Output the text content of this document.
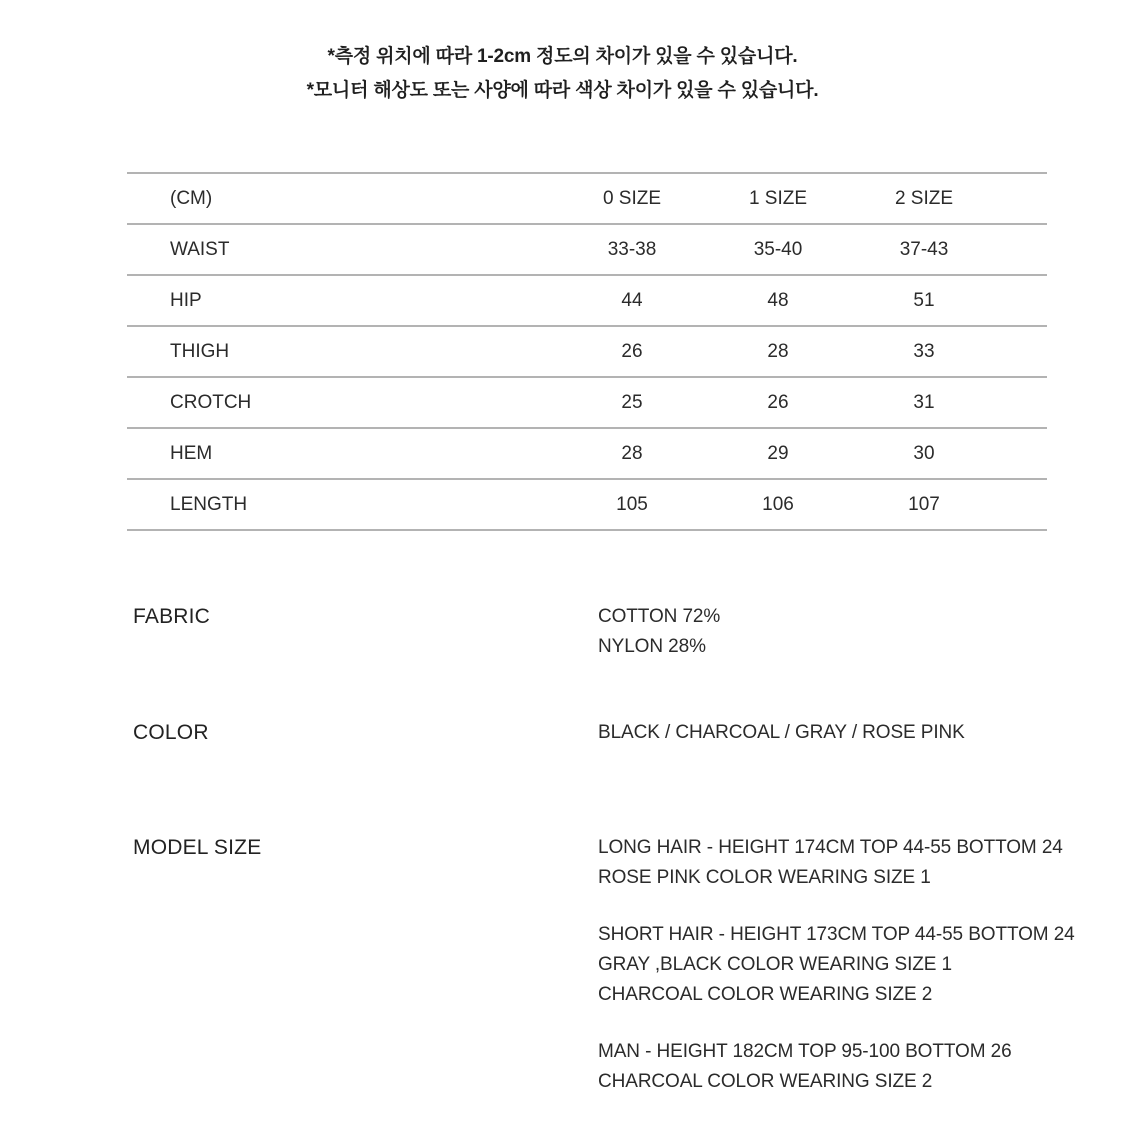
*측정 위치에 따라 1-2cm 정도의 차이가 있을 수 있습니다.
*모니터 해상도 또는 사양에 따라 색상 차이가 있을 수 있습니다.
(CM)	0 SIZE	1 SIZE	2 SIZE	
WAIST	33-38	35-40	37-43	
HIP	44	48	51	
THIGH	26	28	33	
CROTCH	25	26	31	
HEM	28	29	30	
LENGTH	105	106	107	
FABRIC	COTTON 72%
NYLON 28%
COLOR	BLACK / CHARCOAL / GRAY / ROSE PINK
MODEL SIZE	LONG HAIR - HEIGHT 174CM TOP 44-55 BOTTOM 24
ROSE PINK COLOR WEARING SIZE 1
SHORT HAIR - HEIGHT 173CM TOP 44-55 BOTTOM 24
GRAY ,BLACK COLOR WEARING SIZE 1
CHARCOAL COLOR WEARING SIZE 2
MAN - HEIGHT 182CM TOP 95-100 BOTTOM 26
CHARCOAL COLOR WEARING SIZE 2
